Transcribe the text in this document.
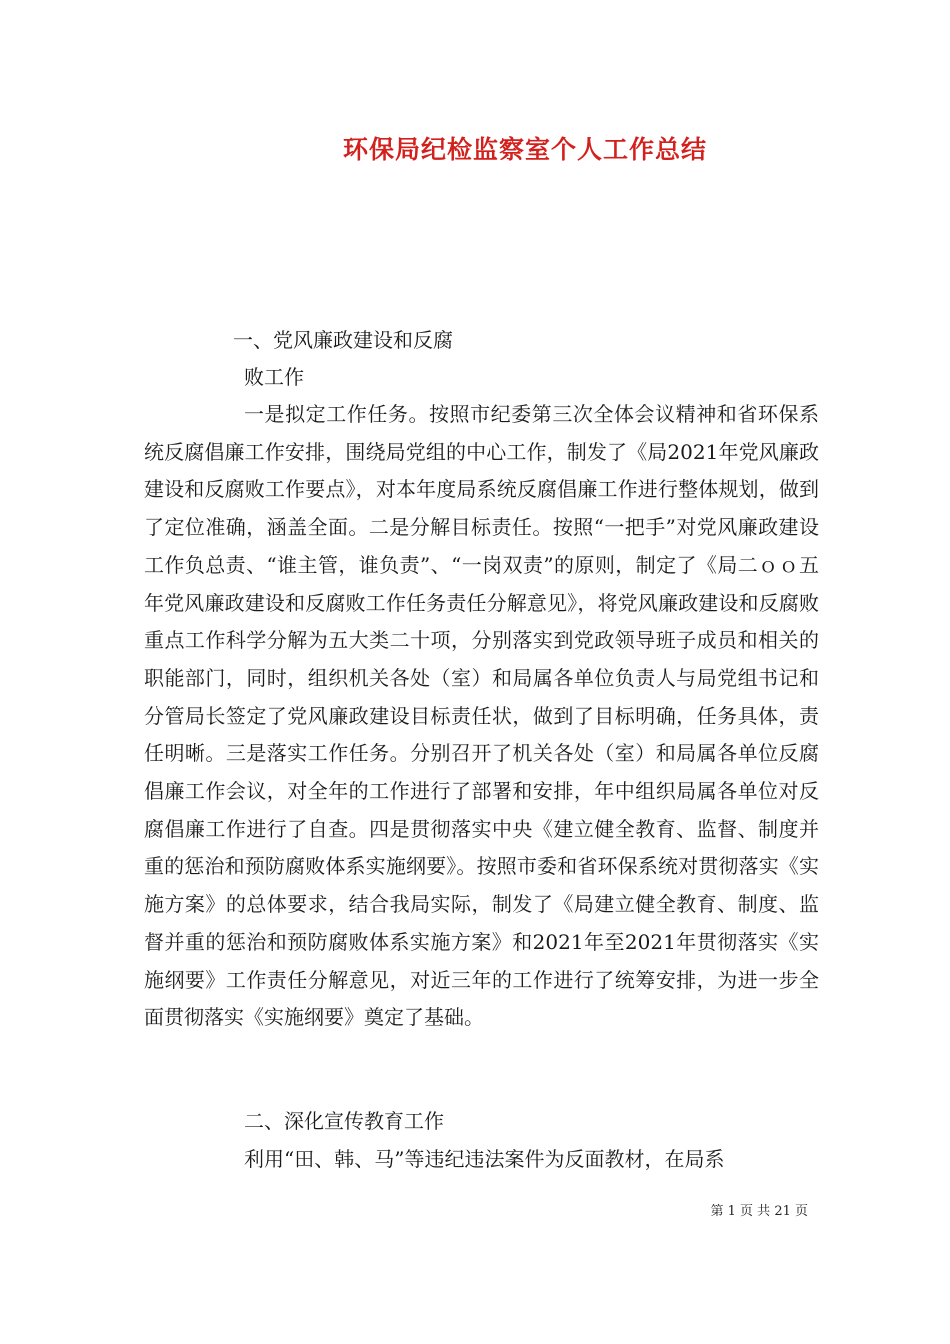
环保局纪检监察室个人工作总结

一、党风廉政建设和反腐

败工作

一是拟定工作任务。按照市纪委第三次全体会议精神和省环保系统反腐倡廉工作安排，围绕局党组的中心工作，制发了《局2021年党风廉政建设和反腐败工作要点》，对本年度局系统反腐倡廉工作进行整体规划，做到了定位准确，涵盖全面。二是分解目标责任。按照“一把手”对党风廉政建设工作负总责、“谁主管，谁负责”、“一岗双责”的原则，制定了《局二ｏｏ五年党风廉政建设和反腐败工作任务责任分解意见》，将党风廉政建设和反腐败重点工作科学分解为五大类二十项，分别落实到党政领导班子成员和相关的职能部门，同时，组织机关各处（室）和局属各单位负责人与局党组书记和分管局长签定了党风廉政建设目标责任状，做到了目标明确，任务具体，责任明晰。三是落实工作任务。分别召开了机关各处（室）和局属各单位反腐倡廉工作会议，对全年的工作进行了部署和安排，年中组织局属各单位对反腐倡廉工作进行了自查。四是贯彻落实中央《建立健全教育、监督、制度并重的惩治和预防腐败体系实施纲要》。按照市委和省环保系统对贯彻落实《实施方案》的总体要求，结合我局实际，制发了《局建立健全教育、制度、监督并重的惩治和预防腐败体系实施方案》和2021年至2021年贯彻落实《实施纲要》工作责任分解意见，对近三年的工作进行了统筹安排，为进一步全面贯彻落实《实施纲要》奠定了基础。

二、深化宣传教育工作

利用“田、韩、马”等违纪违法案件为反面教材，在局系

第 1 页 共 21 页
